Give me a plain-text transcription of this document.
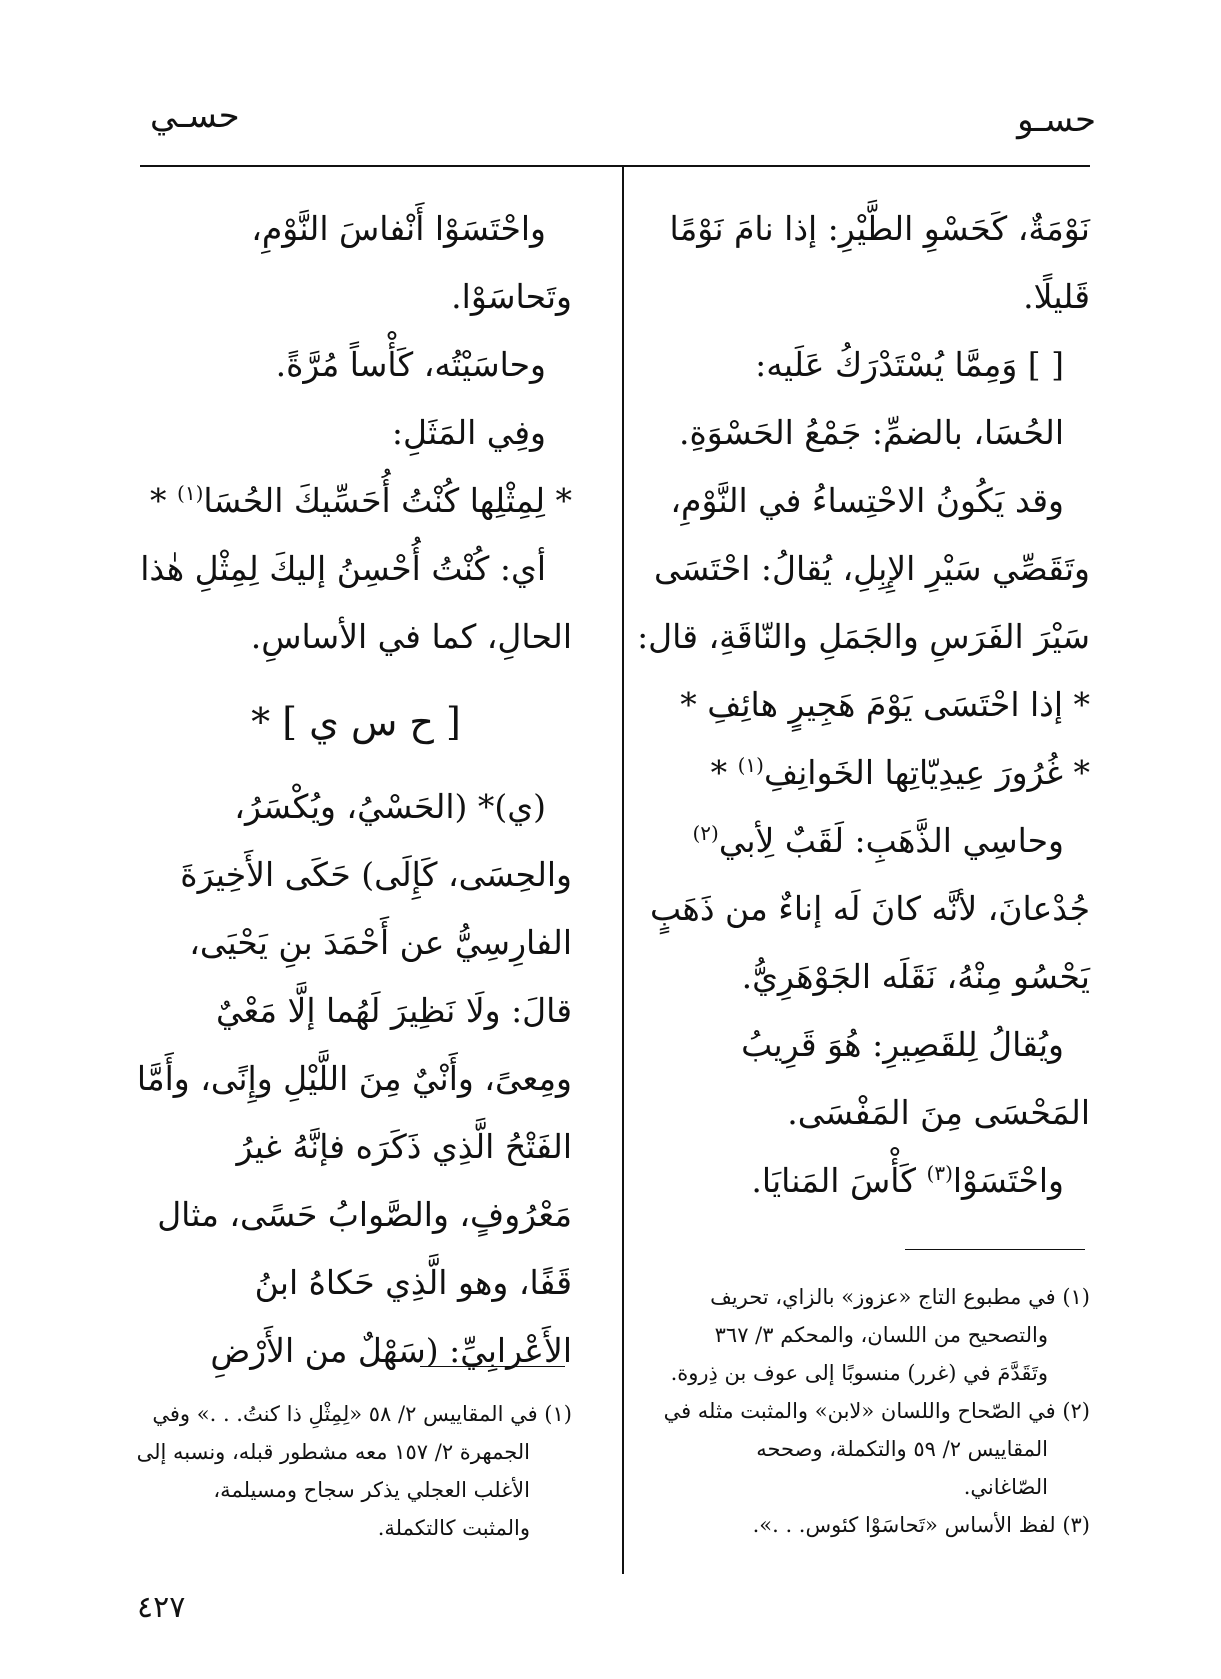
حسـو
حسـي
نَوْمَةٌ، كَحَسْوِ الطَّيْرِ: إذا نامَ نَوْمًا
قَليلًا.
[ ] وَمِمَّا يُسْتَدْرَكُ عَلَيه:
الحُسَا، بالضمِّ: جَمْعُ الحَسْوَةِ.
وقد يَكُونُ الاحْتِساءُ في النَّوْمِ،
وتَقَصِّي سَيْرِ الإِبِلِ، يُقالُ: احْتَسَى
سَيْرَ الفَرَسِ والجَمَلِ والنّاقَةِ، قال:
* إذا احْتَسَى يَوْمَ هَجِيرٍ هائِفِ *
* غُرُورَ عِيدِيّاتِها الخَوانِفِ$^{(١)}$ *
وحاسِي الذَّهَبِ: لَقَبٌ لِأبي$^{(٢)}$
جُدْعانَ، لأنَّه كانَ لَه إناءٌ من ذَهَبٍ
يَحْسُو مِنْهُ، نَقَلَه الجَوْهَرِيُّ.
ويُقالُ لِلقَصِيرِ: هُوَ قَرِيبُ
المَحْسَى مِنَ المَفْسَى.
واحْتَسَوْا$^{(٣)}$ كَأْسَ المَنايَا.
(١) في مطبوع التاج «عزوز» بالزاي، تحريف
والتصحيح من اللسان، والمحكم ٣/ ٣٦٧
وتَقَدَّمَ في (غرر) منسوبًا إلى عوف بن ذِروة.
(٢) في الصّحاح واللسان «لابن» والمثبت مثله في
المقاييس ٢/ ٥٩ والتكملة، وصححه
الصّاغاني.
(٣) لفظ الأساس «تَحاسَوْا كئوس. . .».
واحْتَسَوْا أَنْفاسَ النَّوْمِ،
وتَحاسَوْا.
وحاسَيْتُه، كَأْساً مُرَّةً.
وفِي المَثَلِ:
* لِمِثْلِها كُنْتُ أُحَسِّيكَ الحُسَا$^{(١)}$ *
أي: كُنْتُ أُحْسِنُ إليكَ لِمِثْلِ هٰذا
الحالِ، كما في الأساسِ.
[ ح س ي ] *
(ي)* (الحَسْيُ، ويُكْسَرُ،
والحِسَى، كَإِلَى) حَكَى الأَخِيرَةَ
الفارِسِيُّ عن أَحْمَدَ بنِ يَحْيَى،
قالَ: ولَا نَظِيرَ لَهُما إلَّا مَعْيٌ
ومِعىً، وأَنْيٌ مِنَ اللَّيْلِ وإِنًى، وأَمَّا
الفَتْحُ الَّذِي ذَكَرَه فإنَّهُ غيرُ
مَعْرُوفٍ، والصَّوابُ حَسًى، مثال
قَفًا، وهو الَّذِي حَكاهُ ابنُ
الأَعْرابِيِّ: (سَهْلٌ من الأَرْضِ
(١) في المقاييس ٢/ ٥٨ «لِمِثْلِ ذا كنتُ. . .» وفي
الجمهرة ٢/ ١٥٧ معه مشطور قبله، ونسبه إلى
الأغلب العجلي يذكر سجاح ومسيلمة،
والمثبت كالتكملة.
٤٢٧
